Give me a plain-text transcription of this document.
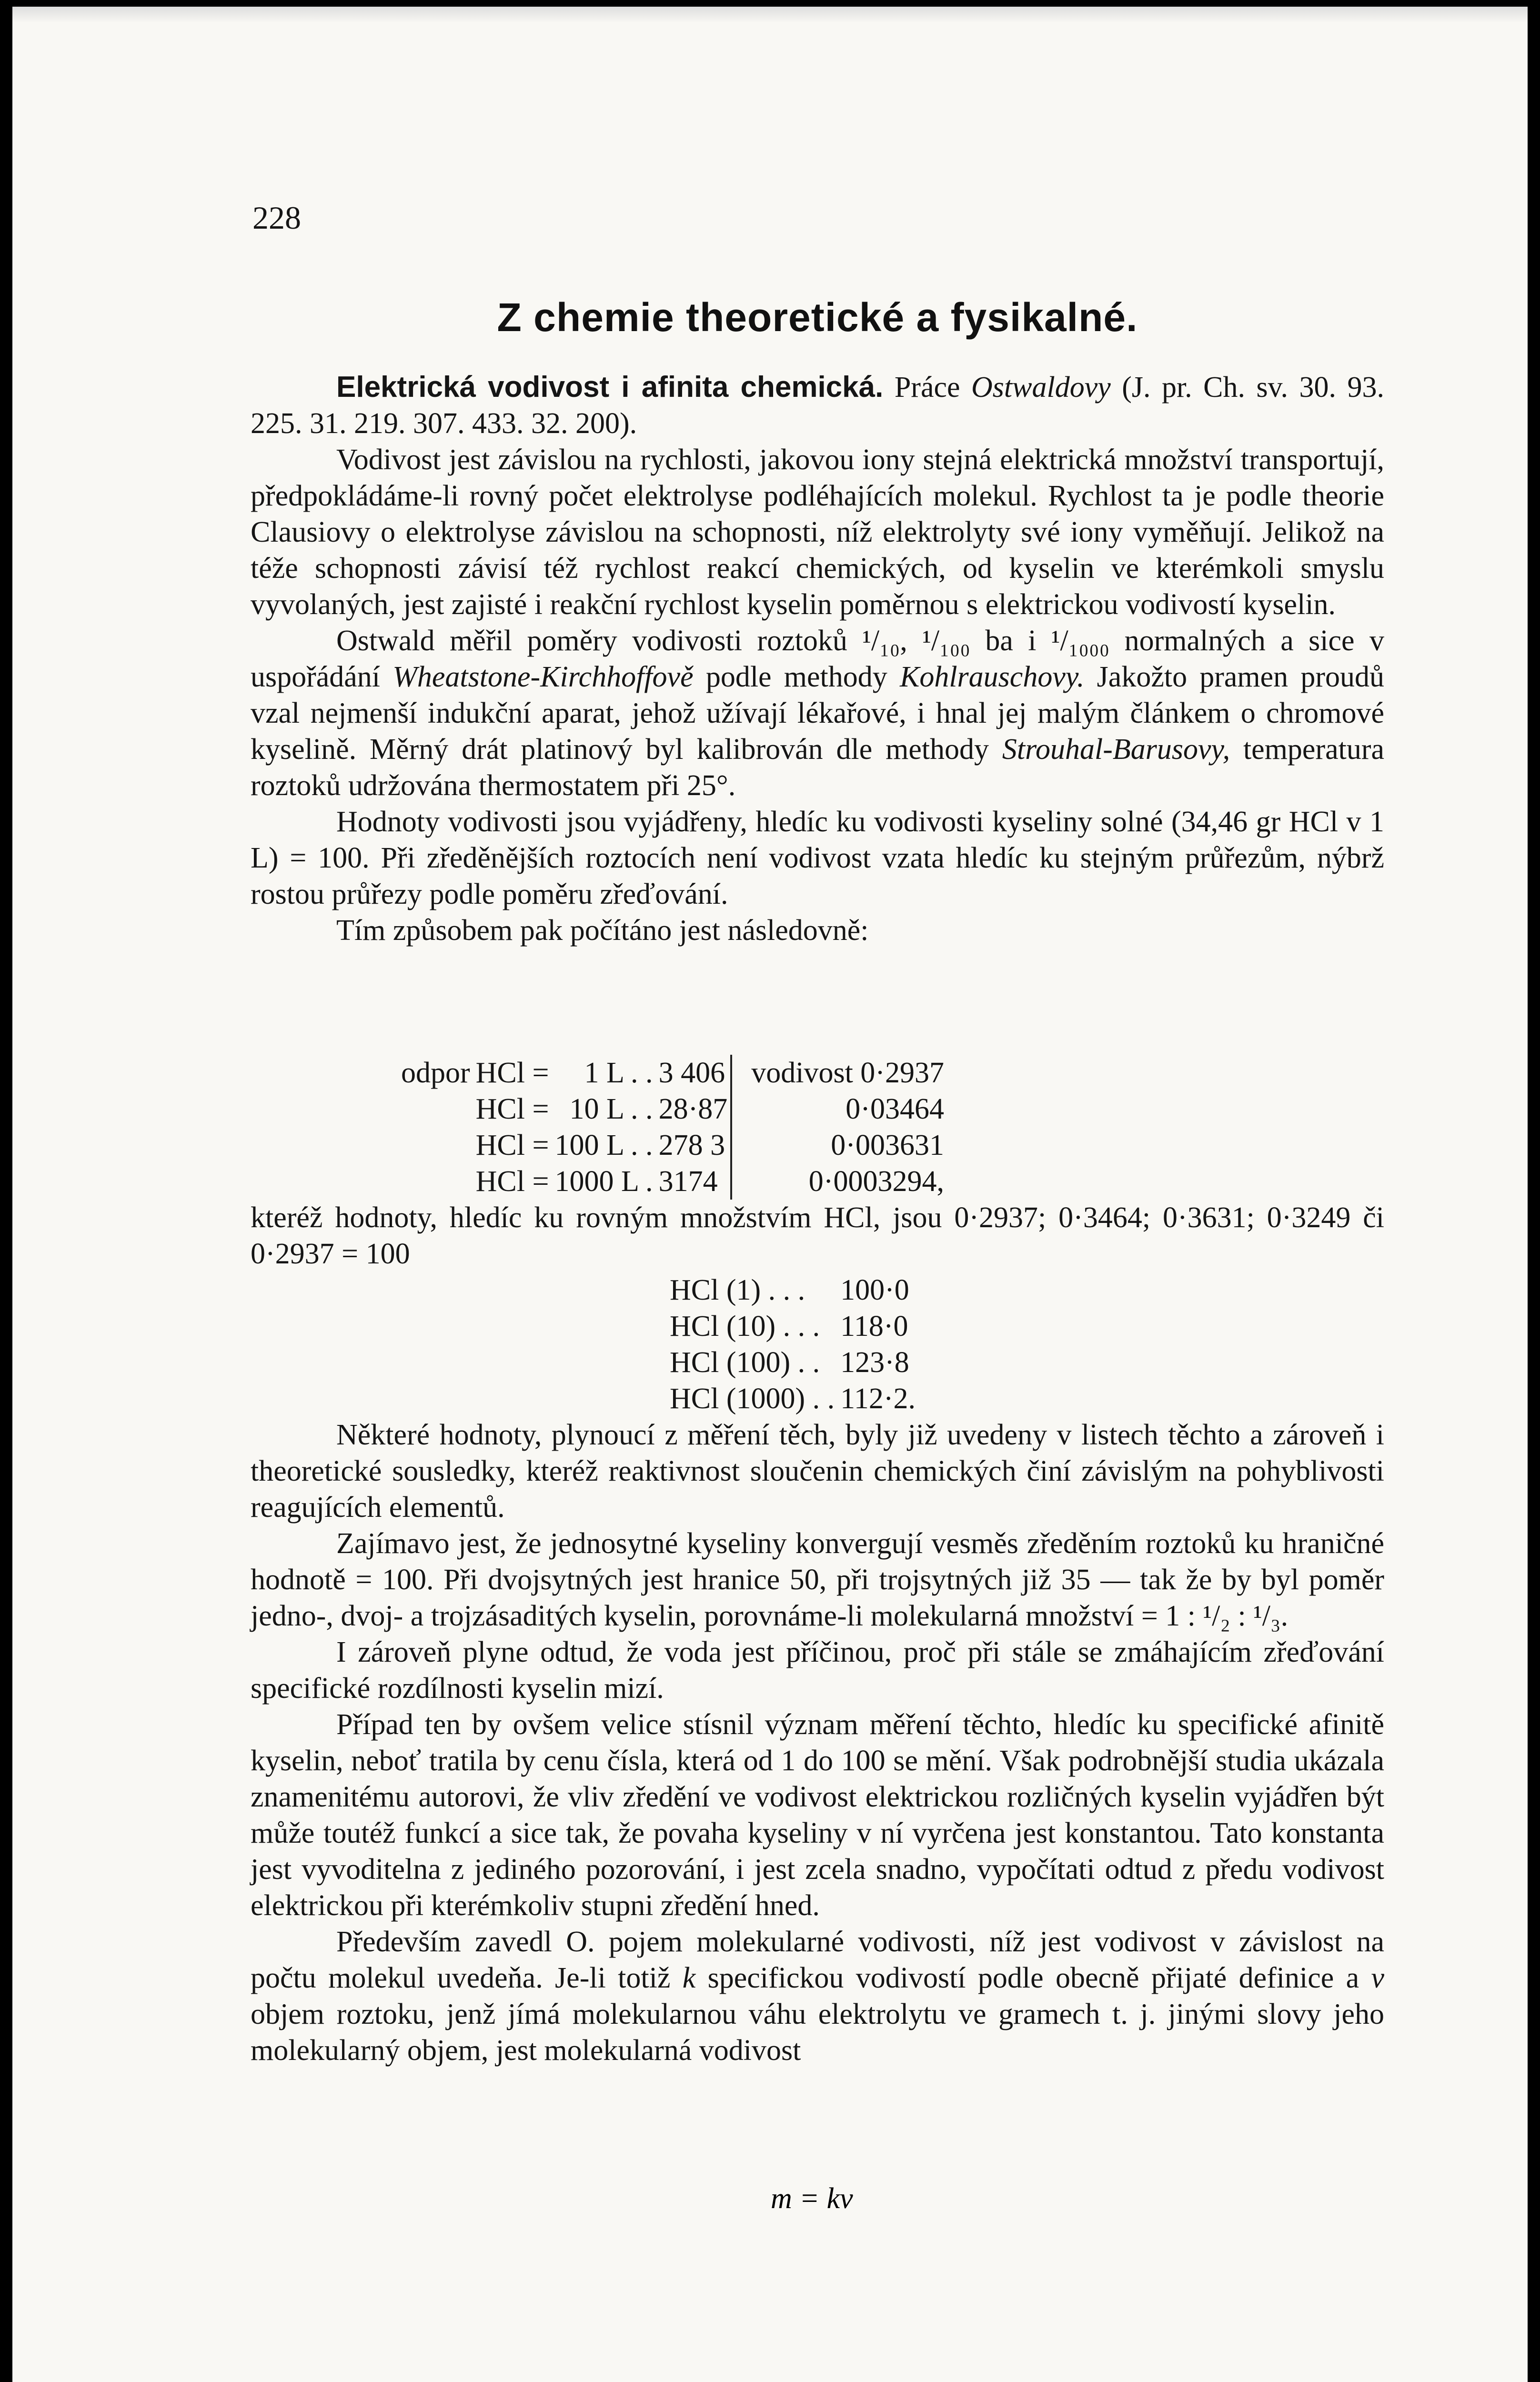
228
Z chemie theoretické a fysikalné.

Elektrická vodivost i afinita chemická. Práce Ostwaldovy (J. pr. Ch. sv. 30. 93. 225. 31. 219. 307. 433. 32. 200).

Vodivost jest závislou na rychlosti, jakovou iony stejná elektrická množství transportují, předpokládáme-li rovný počet elektrolyse podléhajících molekul. Rychlost ta je podle theorie Clausiovy o elektrolyse závislou na schopnosti, níž elektrolyty své iony vyměňují. Jelikož na téže schopnosti závisí též rychlost reakcí chemických, od kyselin ve kterémkoli smyslu vyvolaných, jest zajisté i reakční rychlost kyselin poměrnou s elektrickou vodivostí kyselin.

Ostwald měřil poměry vodivosti roztoků ¹/₁₀, ¹/₁₀₀ ba i ¹/₁₀₀₀ normalných a sice v uspořádání Wheatstone-Kirchhoffově podle methody Kohlrauschovy. Jakožto pramen proudů vzal nejmenší indukční aparat, jehož užívají lékařové, i hnal jej malým článkem o chromové kyselině. Měrný drát platinový byl kalibrován dle methody Strouhal-Barusovy, temperatura roztoků udržována thermostatem při 25°.

Hodnoty vodivosti jsou vyjádřeny, hledíc ku vodivosti kyseliny solné (34,46 gr HCl v 1 L) = 100. Při zředěnějších roztocích není vodivost vzata hledíc ku stejným průřezům, nýbrž rostou průřezy podle poměru zřeďování.

Tím způsobem pak počítáno jest následovně:

odpor	HCl =	1 L . .	3 406	vodivost 0·2937
	HCl =	10 L . .	28·87	0·03464
	HCl =	100 L . .	278 3	0·003631
	HCl =	1000 L .	3174	0·0003294,

kteréž hodnoty, hledíc ku rovným množstvím HCl, jsou 0·2937; 0·3464; 0·3631; 0·3249 či 0·2937 = 100

HCl (1) . . .	100·0
HCl (10) . . .	118·0
HCl (100) . .	123·8
HCl (1000) . .	112·2.

Některé hodnoty, plynoucí z měření těch, byly již uvedeny v listech těchto a zároveň i theoretické sousledky, kteréž reaktivnost sloučenin chemických činí závislým na pohyblivosti reagujících elementů.

Zajímavo jest, že jednosytné kyseliny konvergují vesměs zředěním roztoků ku hraničné hodnotě = 100. Při dvojsytných jest hranice 50, při trojsytných již 35 — tak že by byl poměr jedno-, dvoj- a trojzásaditých kyselin, porovnáme-li molekularná množství = 1 : ¹/₂ : ¹/₃.

I zároveň plyne odtud, že voda jest příčinou, proč při stále se zmáhajícím zřeďování specifické rozdílnosti kyselin mizí.

Případ ten by ovšem velice stísnil význam měření těchto, hledíc ku specifické afinitě kyselin, neboť tratila by cenu čísla, která od 1 do 100 se mění. Však podrobnější studia ukázala znamenitému autorovi, že vliv zředění ve vodivost elektrickou rozličných kyselin vyjádřen být může toutéž funkcí a sice tak, že povaha kyseliny v ní vyrčena jest konstantou. Tato konstanta jest vyvoditelna z jediného pozorování, i jest zcela snadno, vypočítati odtud z předu vodivost elektrickou při kterémkoliv stupni zředění hned.

Především zavedl O. pojem molekularné vodivosti, níž jest vodivost v závislost na počtu molekul uvedeňa. Je-li totiž k specifickou vodivostí podle obecně přijaté definice a v objem roztoku, jenž jímá molekularnou váhu elektrolytu ve gramech t. j. jinými slovy jeho molekularný objem, jest molekularná vodivost

m = kv
